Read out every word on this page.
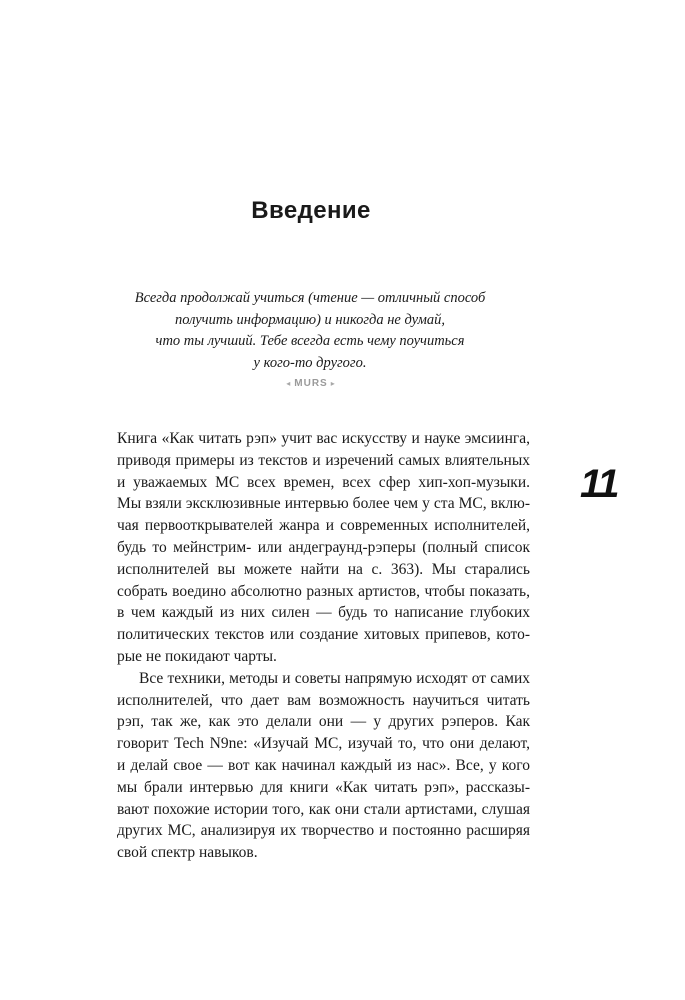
Введение
Всегда продолжай учиться (чтение — отличный способ
получить информацию) и никогда не думай,
что ты лучший. Тебе всегда есть чему поучиться
у кого-то другого.
◂ MURS ▸
Книга «Как читать рэп» учит вас искусству и науке эмсиинга,
приводя примеры из текстов и изречений самых влиятельных
и уважаемых МС всех времен, всех сфер хип-хоп-музыки.
Мы взяли эксклюзивные интервью более чем у ста МС, вклю-
чая первооткрывателей жанра и современных исполнителей,
будь то мейнстрим- или андеграунд-рэперы (полный список
исполнителей вы можете найти на с. 363). Мы старались
собрать воедино абсолютно разных артистов, чтобы показать,
в чем каждый из них силен — будь то написание глубоких
политических текстов или создание хитовых припевов, кото-
рые не покидают чарты.
Все техники, методы и советы напрямую исходят от самих
исполнителей, что дает вам возможность научиться читать
рэп, так же, как это делали они — у других рэперов. Как
говорит Tech N9ne: «Изучай МС, изучай то, что они делают,
и делай свое — вот как начинал каждый из нас». Все, у кого
мы брали интервью для книги «Как читать рэп», рассказы-
вают похожие истории того, как они стали артистами, слушая
других МС, анализируя их творчество и постоянно расширяя
свой спектр навыков.
11
